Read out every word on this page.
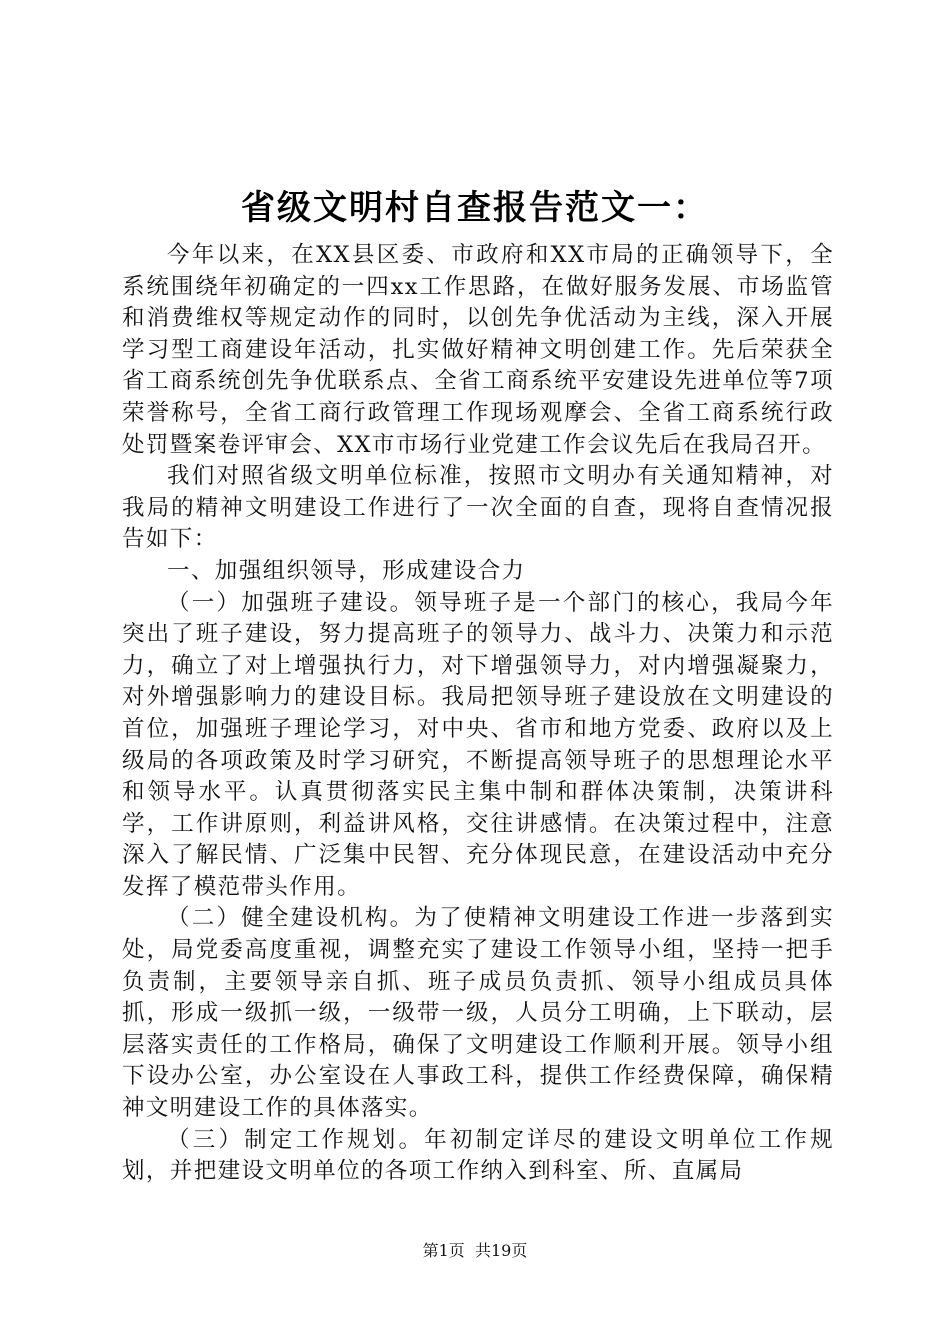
省级文明村自查报告范文一：

今年以来，在XX县区委、市政府和XX市局的正确领导下，全系统围绕年初确定的一四xx工作思路，在做好服务发展、市场监管和消费维权等规定动作的同时，以创先争优活动为主线，深入开展学习型工商建设年活动，扎实做好精神文明创建工作。先后荣获全省工商系统创先争优联系点、全省工商系统平安建设先进单位等7项荣誉称号，全省工商行政管理工作现场观摩会、全省工商系统行政处罚暨案卷评审会、XX市市场行业党建工作会议先后在我局召开。

我们对照省级文明单位标准，按照市文明办有关通知精神，对我局的精神文明建设工作进行了一次全面的自查，现将自查情况报告如下：

一、加强组织领导，形成建设合力

（一）加强班子建设。领导班子是一个部门的核心，我局今年突出了班子建设，努力提高班子的领导力、战斗力、决策力和示范力，确立了对上增强执行力，对下增强领导力，对内增强凝聚力，对外增强影响力的建设目标。我局把领导班子建设放在文明建设的首位，加强班子理论学习，对中央、省市和地方党委、政府以及上级局的各项政策及时学习研究，不断提高领导班子的思想理论水平和领导水平。认真贯彻落实民主集中制和群体决策制，决策讲科学，工作讲原则，利益讲风格，交往讲感情。在决策过程中，注意深入了解民情、广泛集中民智、充分体现民意，在建设活动中充分发挥了模范带头作用。

（二）健全建设机构。为了使精神文明建设工作进一步落到实处，局党委高度重视，调整充实了建设工作领导小组，坚持一把手负责制，主要领导亲自抓、班子成员负责抓、领导小组成员具体抓，形成一级抓一级，一级带一级，人员分工明确，上下联动，层层落实责任的工作格局，确保了文明建设工作顺利开展。领导小组下设办公室，办公室设在人事政工科，提供工作经费保障，确保精神文明建设工作的具体落实。

（三）制定工作规划。年初制定详尽的建设文明单位工作规划，并把建设文明单位的各项工作纳入到科室、所、直属局

第1页 共19页
